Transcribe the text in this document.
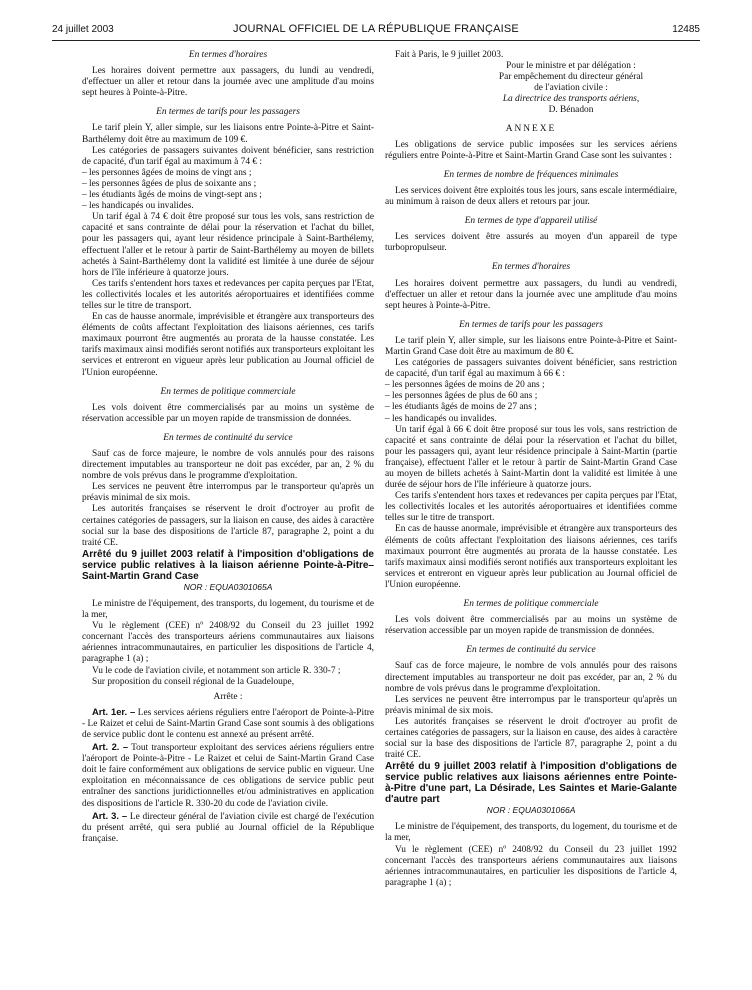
24 juillet 2003	JOURNAL OFFICIEL DE LA RÉPUBLIQUE FRANÇAISE	12485
En termes d'horaires

Les horaires doivent permettre aux passagers, du lundi au vendredi, d'effectuer un aller et retour dans la journée avec une amplitude d'au moins sept heures à Pointe-à-Pitre.

En termes de tarifs pour les passagers

Le tarif plein Y, aller simple, sur les liaisons entre Pointe-à-Pitre et Saint-Barthélemy doit être au maximum de 109 €.

Les catégories de passagers suivantes doivent bénéficier, sans restriction de capacité, d'un tarif égal au maximum à 74 € :

– les personnes âgées de moins de vingt ans ;

– les personnes âgées de plus de soixante ans ;

– les étudiants âgés de moins de vingt-sept ans ;

– les handicapés ou invalides.

Un tarif égal à 74 € doit être proposé sur tous les vols, sans restriction de capacité et sans contrainte de délai pour la réservation et l'achat du billet, pour les passagers qui, ayant leur résidence principale à Saint-Barthélemy, effectuent l'aller et le retour à partir de Saint-Barthélemy au moyen de billets achetés à Saint-Barthélemy dont la validité est limitée à une durée de séjour hors de l'île inférieure à quatorze jours.

Ces tarifs s'entendent hors taxes et redevances per capita perçues par l'Etat, les collectivités locales et les autorités aéroportuaires et identifiées comme telles sur le titre de transport.

En cas de hausse anormale, imprévisible et étrangère aux transporteurs des éléments de coûts affectant l'exploitation des liaisons aériennes, ces tarifs maximaux pourront être augmentés au prorata de la hausse constatée. Les tarifs maximaux ainsi modifiés seront notifiés aux transporteurs exploitant les services et entreront en vigueur après leur publication au Journal officiel de l'Union européenne.

En termes de politique commerciale

Les vols doivent être commercialisés par au moins un système de réservation accessible par un moyen rapide de transmission de données.

En termes de continuité du service

Sauf cas de force majeure, le nombre de vols annulés pour des raisons directement imputables au transporteur ne doit pas excéder, par an, 2 % du nombre de vols prévus dans le programme d'exploitation.

Les services ne peuvent être interrompus par le transporteur qu'après un préavis minimal de six mois.

Les autorités françaises se réservent le droit d'octroyer au profit de certaines catégories de passagers, sur la liaison en cause, des aides à caractère social sur la base des dispositions de l'article 87, paragraphe 2, point a du traité CE.

Arrêté du 9 juillet 2003 relatif à l'imposition d'obligations de service public relatives à la liaison aérienne Pointe-à-Pitre–Saint-Martin Grand Case

NOR : EQUA0301065A

Le ministre de l'équipement, des transports, du logement, du tourisme et de la mer,

Vu le règlement (CEE) nº 2408/92 du Conseil du 23 juillet 1992 concernant l'accès des transporteurs aériens communautaires aux liaisons aériennes intracommunautaires, en particulier les dispositions de l'article 4, paragraphe 1 (a) ;

Vu le code de l'aviation civile, et notamment son article R. 330-7 ;

Sur proposition du conseil régional de la Guadeloupe,

Arrête :

Art. 1er. – Les services aériens réguliers entre l'aéroport de Pointe-à-Pitre - Le Raizet et celui de Saint-Martin Grand Case sont soumis à des obligations de service public dont le contenu est annexé au présent arrêté.

Art. 2. – Tout transporteur exploitant des services aériens réguliers entre l'aéroport de Pointe-à-Pitre - Le Raizet et celui de Saint-Martin Grand Case doit le faire conformément aux obligations de service public en vigueur. Une exploitation en méconnaissance de ces obligations de service public peut entraîner des sanctions juridictionnelles et/ou administratives en application des dispositions de l'article R. 330-20 du code de l'aviation civile.

Art. 3. – Le directeur général de l'aviation civile est chargé de l'exécution du présent arrêté, qui sera publié au Journal officiel de la République française.

Fait à Paris, le 9 juillet 2003.

Pour le ministre et par délégation :
Par empêchement du directeur général
de l'aviation civile :
La directrice des transports aériens,
D. Bénadon
ANNEXE

Les obligations de service public imposées sur les services aériens réguliers entre Pointe-à-Pitre et Saint-Martin Grand Case sont les suivantes :

En termes de nombre de fréquences minimales

Les services doivent être exploités tous les jours, sans escale intermédiaire, au minimum à raison de deux allers et retours par jour.

En termes de type d'appareil utilisé

Les services doivent être assurés au moyen d'un appareil de type turbopropulseur.

En termes d'horaires

Les horaires doivent permettre aux passagers, du lundi au vendredi, d'effectuer un aller et retour dans la journée avec une amplitude d'au moins sept heures à Pointe-à-Pitre.

En termes de tarifs pour les passagers

Le tarif plein Y, aller simple, sur les liaisons entre Pointe-à-Pitre et Saint-Martin Grand Case doit être au maximum de 80 €.

Les catégories de passagers suivantes doivent bénéficier, sans restriction de capacité, d'un tarif égal au maximum à 66 € :

– les personnes âgées de moins de 20 ans ;

– les personnes âgées de plus de 60 ans ;

– les étudiants âgés de moins de 27 ans ;

– les handicapés ou invalides.

Un tarif égal à 66 € doit être proposé sur tous les vols, sans restriction de capacité et sans contrainte de délai pour la réservation et l'achat du billet, pour les passagers qui, ayant leur résidence principale à Saint-Martin (partie française), effectuent l'aller et le retour à partir de Saint-Martin Grand Case au moyen de billets achetés à Saint-Martin dont la validité est limitée à une durée de séjour hors de l'île inférieure à quatorze jours.

Ces tarifs s'entendent hors taxes et redevances per capita perçues par l'Etat, les collectivités locales et les autorités aéroportuaires et identifiées comme telles sur le titre de transport.

En cas de hausse anormale, imprévisible et étrangère aux transporteurs des éléments de coûts affectant l'exploitation des liaisons aériennes, ces tarifs maximaux pourront être augmentés au prorata de la hausse constatée. Les tarifs maximaux ainsi modifiés seront notifiés aux transporteurs exploitant les services et entreront en vigueur après leur publication au Journal officiel de l'Union européenne.

En termes de politique commerciale

Les vols doivent être commercialisés par au moins un système de réservation accessible par un moyen rapide de transmission de données.

En termes de continuité du service

Sauf cas de force majeure, le nombre de vols annulés pour des raisons directement imputables au transporteur ne doit pas excéder, par an, 2 % du nombre de vols prévus dans le programme d'exploitation.

Les services ne peuvent être interrompus par le transporteur qu'après un préavis minimal de six mois.

Les autorités françaises se réservent le droit d'octroyer au profit de certaines catégories de passagers, sur la liaison en cause, des aides à caractère social sur la base des dispositions de l'article 87, paragraphe 2, point a du traité CE.

Arrêté du 9 juillet 2003 relatif à l'imposition d'obligations de service public relatives aux liaisons aériennes entre Pointe-à-Pitre d'une part, La Désirade, Les Saintes et Marie-Galante d'autre part

NOR : EQUA0301066A

Le ministre de l'équipement, des transports, du logement, du tourisme et de la mer,

Vu le règlement (CEE) nº 2408/92 du Conseil du 23 juillet 1992 concernant l'accès des transporteurs aériens communautaires aux liaisons aériennes intracommunautaires, en particulier les dispositions de l'article 4, paragraphe 1 (a) ;
